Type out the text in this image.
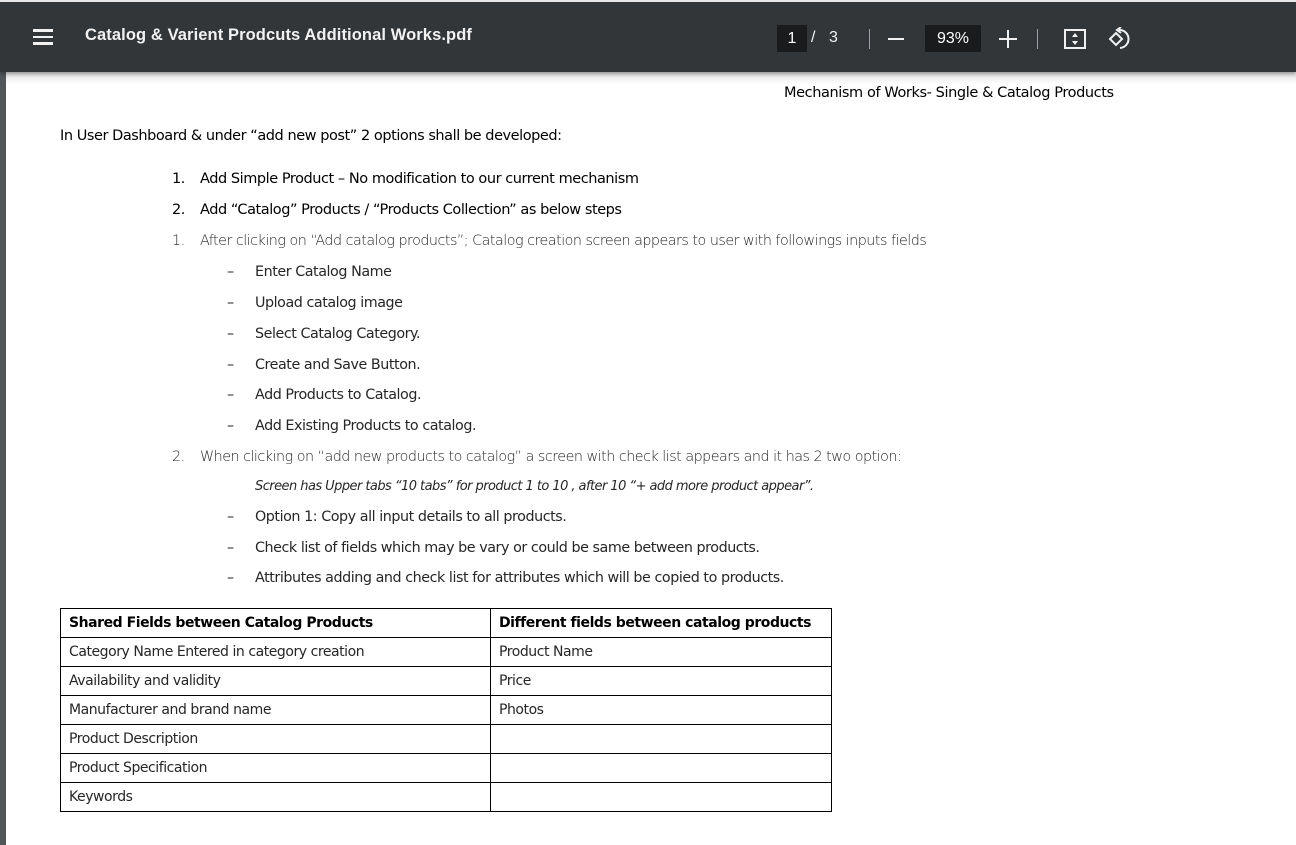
Catalog & Varient Prodcuts Additional Works.pdf	1 / 3	93%
Mechanism of Works- Single & Catalog Products
In User Dashboard & under “add new post” 2 options shall be developed:
1. Add Simple Product – No modification to our current mechanism
2. Add “Catalog” Products / “Products Collection” as below steps
1. After clicking on “Add catalog products”; Catalog creation screen appears to user with followings inputs fields
– Enter Catalog Name
– Upload catalog image
– Select Catalog Category.
– Create and Save Button.
– Add Products to Catalog.
– Add Existing Products to catalog.
2. When clicking on “add new products to catalog” a screen with check list appears and it has 2 two option:
Screen has Upper tabs “10 tabs” for product 1 to 10 , after 10 “+ add more product appear”.
– Option 1: Copy all input details to all products.
– Check list of fields which may be vary or could be same between products.
– Attributes adding and check list for attributes which will be copied to products.
Shared Fields between Catalog Products	Different fields between catalog products
Category Name Entered in category creation	Product Name
Availability and validity	Price
Manufacturer and brand name	Photos
Product Description	
Product Specification	
Keywords	
